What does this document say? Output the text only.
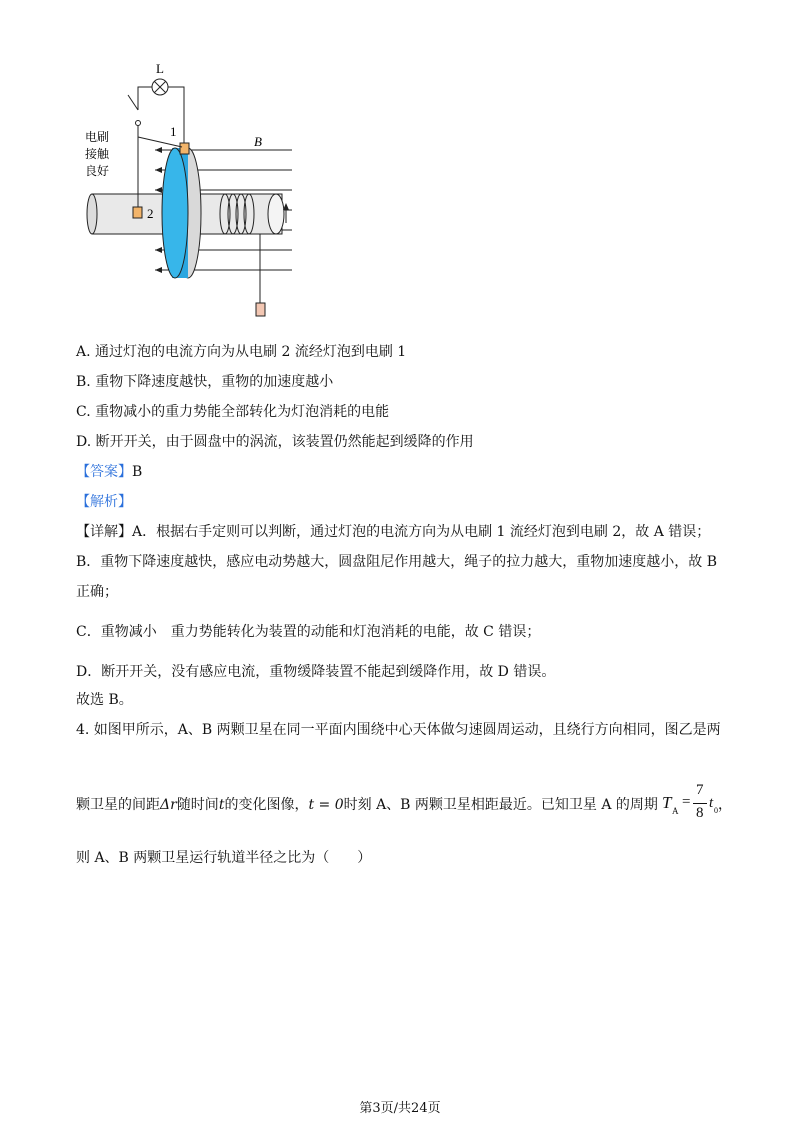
L
1
2
B
电刷
接触
良好
A. 通过灯泡的电流方向为从电刷 2 流经灯泡到电刷 1
B. 重物下降速度越快，重物的加速度越小
C. 重物减小的重力势能全部转化为灯泡消耗的电能
D. 断开开关，由于圆盘中的涡流，该装置仍然能起到缓降的作用
【答案】B
【解析】
【详解】A．根据右手定则可以判断，通过灯泡的电流方向为从电刷 1 流经灯泡到电刷 2，故 A 错误；
B．重物下降速度越快，感应电动势越大，圆盘阻尼作用越大，绳子的拉力越大，重物加速度越小，故 B
正确；
C．重物减小　重力势能转化为装置的动能和灯泡消耗的电能，故 C 错误；
D．断开开关，没有感应电流，重物缓降装置不能起到缓降作用，故 D 错误。
故选 B。
4. 如图甲所示，A、B 两颗卫星在同一平面内围绕中心天体做匀速圆周运动，且绕行方向相同，图乙是两
颗卫星的间距Δr随时间t的变化图像，t = 0时刻 A、B 两颗卫星相距最近。已知卫星 A 的周期 T A
=
7
8
t 0 ，
则 A、B 两颗卫星运行轨道半径之比为（　　）
第3页/共24页
